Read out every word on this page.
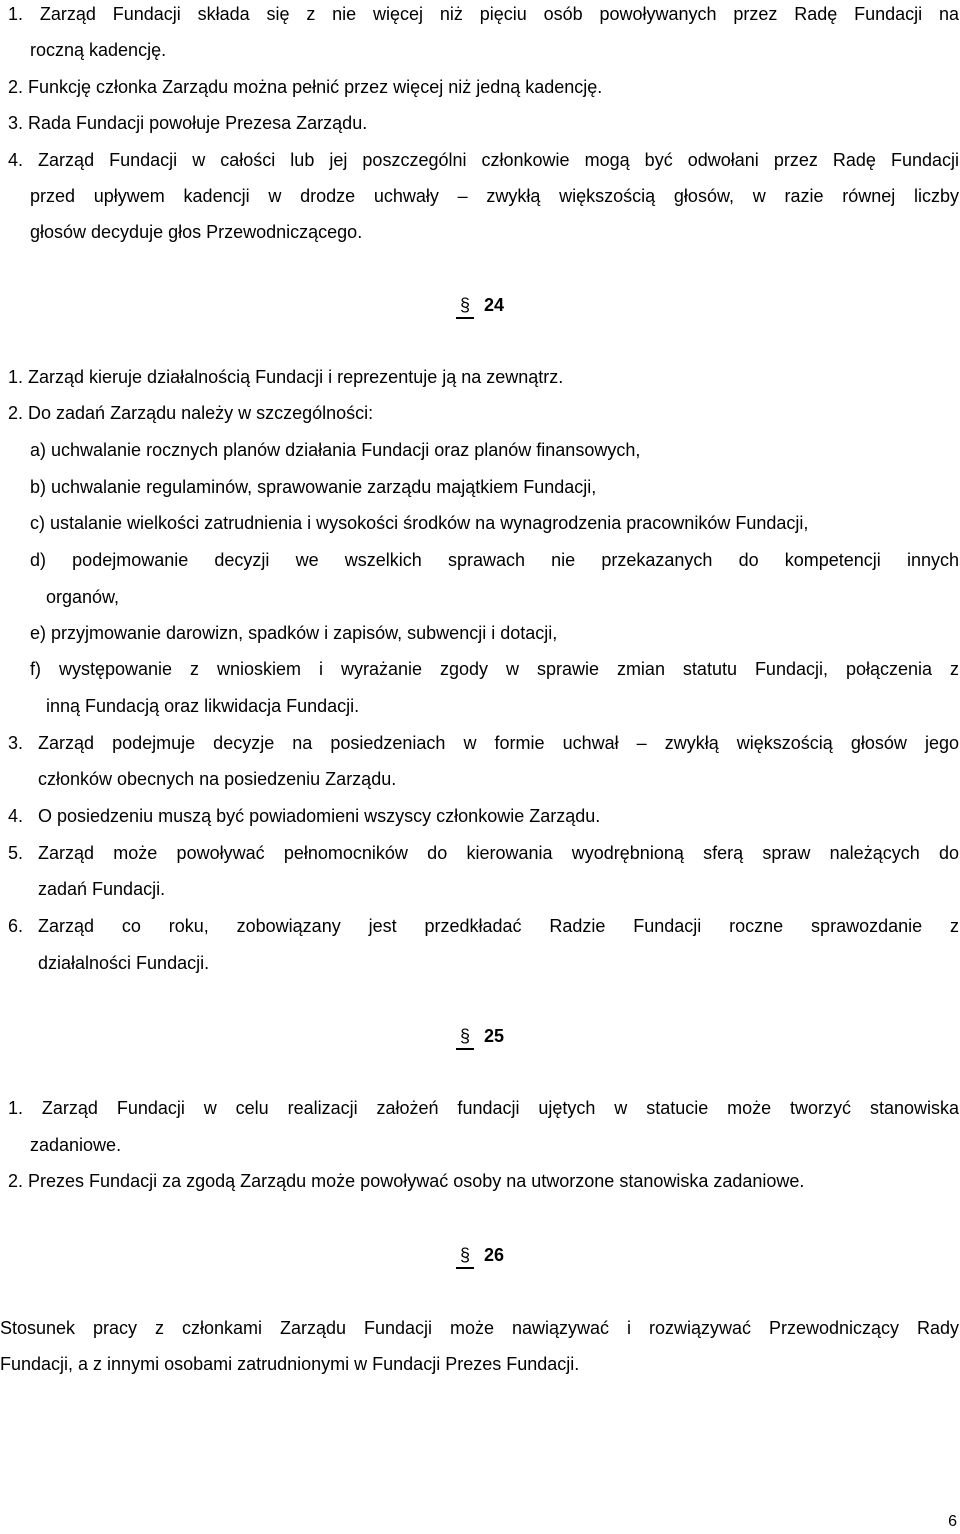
1. Zarząd Fundacji składa się z nie więcej niż pięciu osób powoływanych przez Radę Fundacji na
roczną kadencję.
2. Funkcję członka Zarządu można pełnić przez więcej niż jedną kadencję.
3. Rada Fundacji powołuje Prezesa Zarządu.
4. Zarząd Fundacji w całości lub jej poszczególni członkowie mogą być odwołani przez Radę Fundacji
przed upływem kadencji w drodze uchwały – zwykłą większością głosów, w razie równej liczby
głosów decyduje głos Przewodniczącego.
§ 24
1. Zarząd kieruje działalnością Fundacji i reprezentuje ją na zewnątrz.
2. Do zadań Zarządu należy w szczególności:
a) uchwalanie rocznych planów działania Fundacji oraz planów finansowych,
b) uchwalanie regulaminów, sprawowanie zarządu majątkiem Fundacji,
c) ustalanie wielkości zatrudnienia i wysokości środków na wynagrodzenia pracowników Fundacji,
d) podejmowanie decyzji we wszelkich sprawach nie przekazanych do kompetencji innych
organów,
e) przyjmowanie darowizn, spadków i zapisów, subwencji i dotacji,
f) występowanie z wnioskiem i wyrażanie zgody w sprawie zmian statutu Fundacji, połączenia z
inną Fundacją oraz likwidacja Fundacji.
3. Zarząd podejmuje decyzje na posiedzeniach w formie uchwał – zwykłą większością głosów jego
członków obecnych na posiedzeniu Zarządu.
4. O posiedzeniu muszą być powiadomieni wszyscy członkowie Zarządu.
5. Zarząd może powoływać pełnomocników do kierowania wyodrębnioną sferą spraw należących do
zadań Fundacji.
6. Zarząd co roku, zobowiązany jest przedkładać Radzie Fundacji roczne sprawozdanie z
działalności Fundacji.
§ 25
1. Zarząd Fundacji w celu realizacji założeń fundacji ujętych w statucie może tworzyć stanowiska
zadaniowe.
2. Prezes Fundacji za zgodą Zarządu może powoływać osoby na utworzone stanowiska zadaniowe.
§ 26
Stosunek pracy z członkami Zarządu Fundacji może nawiązywać i rozwiązywać Przewodniczący Rady
Fundacji, a z innymi osobami zatrudnionymi w Fundacji Prezes Fundacji.
6
